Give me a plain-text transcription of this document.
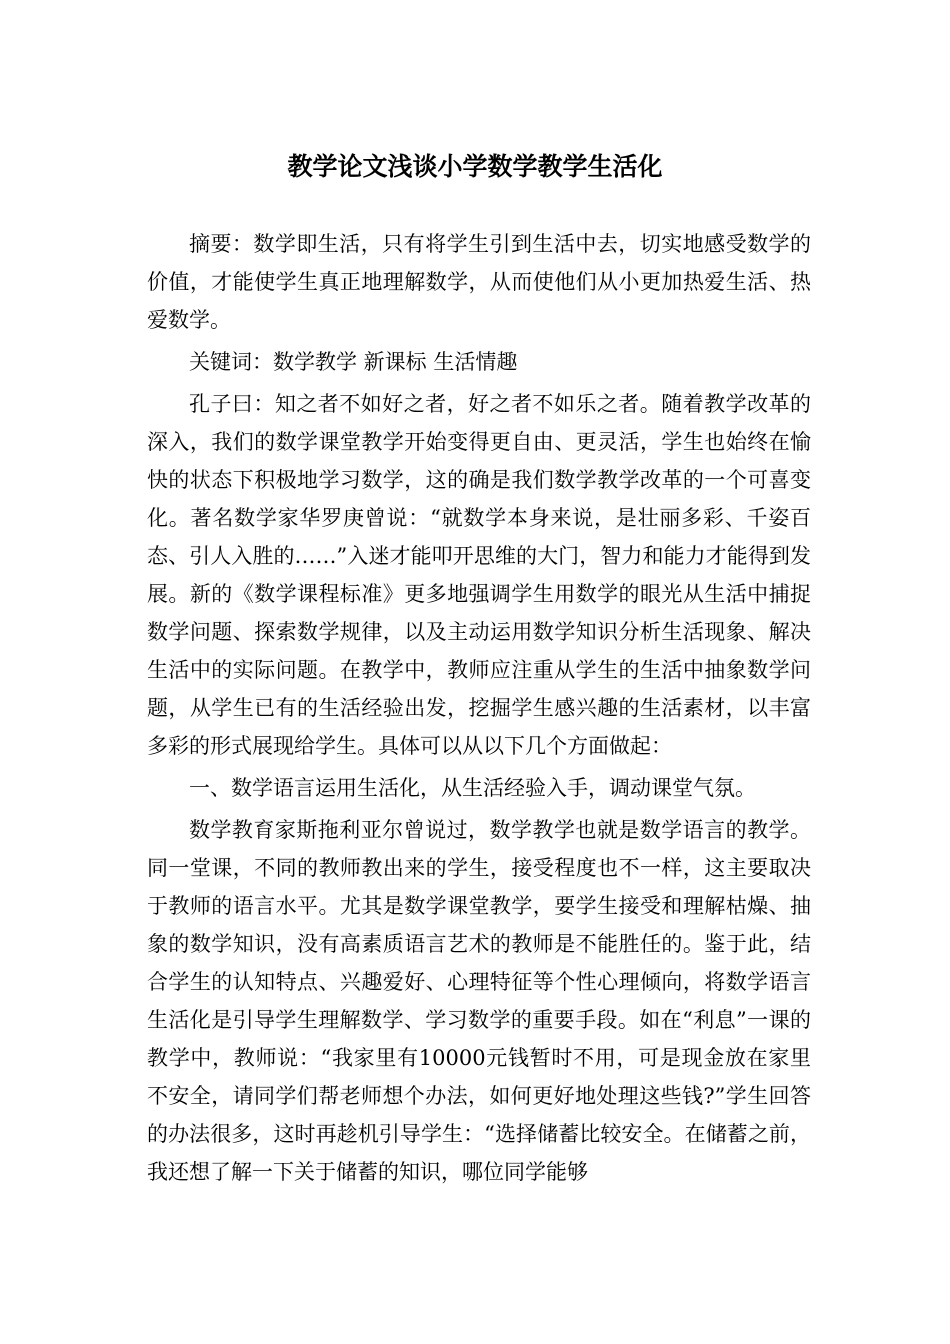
教学论文浅谈小学数学教学生活化

摘要：数学即生活，只有将学生引到生活中去，切实地感受数学的价值，才能使学生真正地理解数学，从而使他们从小更加热爱生活、热爱数学。

关键词：数学教学 新课标 生活情趣

孔子曰：知之者不如好之者，好之者不如乐之者。随着教学改革的深入，我们的数学课堂教学开始变得更自由、更灵活，学生也始终在愉快的状态下积极地学习数学，这的确是我们数学教学改革的一个可喜变化。著名数学家华罗庚曾说：“就数学本身来说，是壮丽多彩、千姿百态、引人入胜的……”入迷才能叩开思维的大门，智力和能力才能得到发展。新的《数学课程标准》更多地强调学生用数学的眼光从生活中捕捉数学问题、探索数学规律，以及主动运用数学知识分析生活现象、解决生活中的实际问题。在教学中，教师应注重从学生的生活中抽象数学问题，从学生已有的生活经验出发，挖掘学生感兴趣的生活素材，以丰富多彩的形式展现给学生。具体可以从以下几个方面做起：

一、数学语言运用生活化，从生活经验入手，调动课堂气氛。

数学教育家斯拖利亚尔曾说过，数学教学也就是数学语言的教学。同一堂课，不同的教师教出来的学生，接受程度也不一样，这主要取决于教师的语言水平。尤其是数学课堂教学，要学生接受和理解枯燥、抽象的数学知识，没有高素质语言艺术的教师是不能胜任的。鉴于此，结合学生的认知特点、兴趣爱好、心理特征等个性心理倾向，将数学语言生活化是引导学生理解数学、学习数学的重要手段。如在“利息”一课的教学中，教师说：“我家里有10000元钱暂时不用，可是现金放在家里不安全，请同学们帮老师想个办法，如何更好地处理这些钱?”学生回答的办法很多，这时再趁机引导学生：“选择储蓄比较安全。在储蓄之前，我还想了解一下关于储蓄的知识，哪位同学能够
